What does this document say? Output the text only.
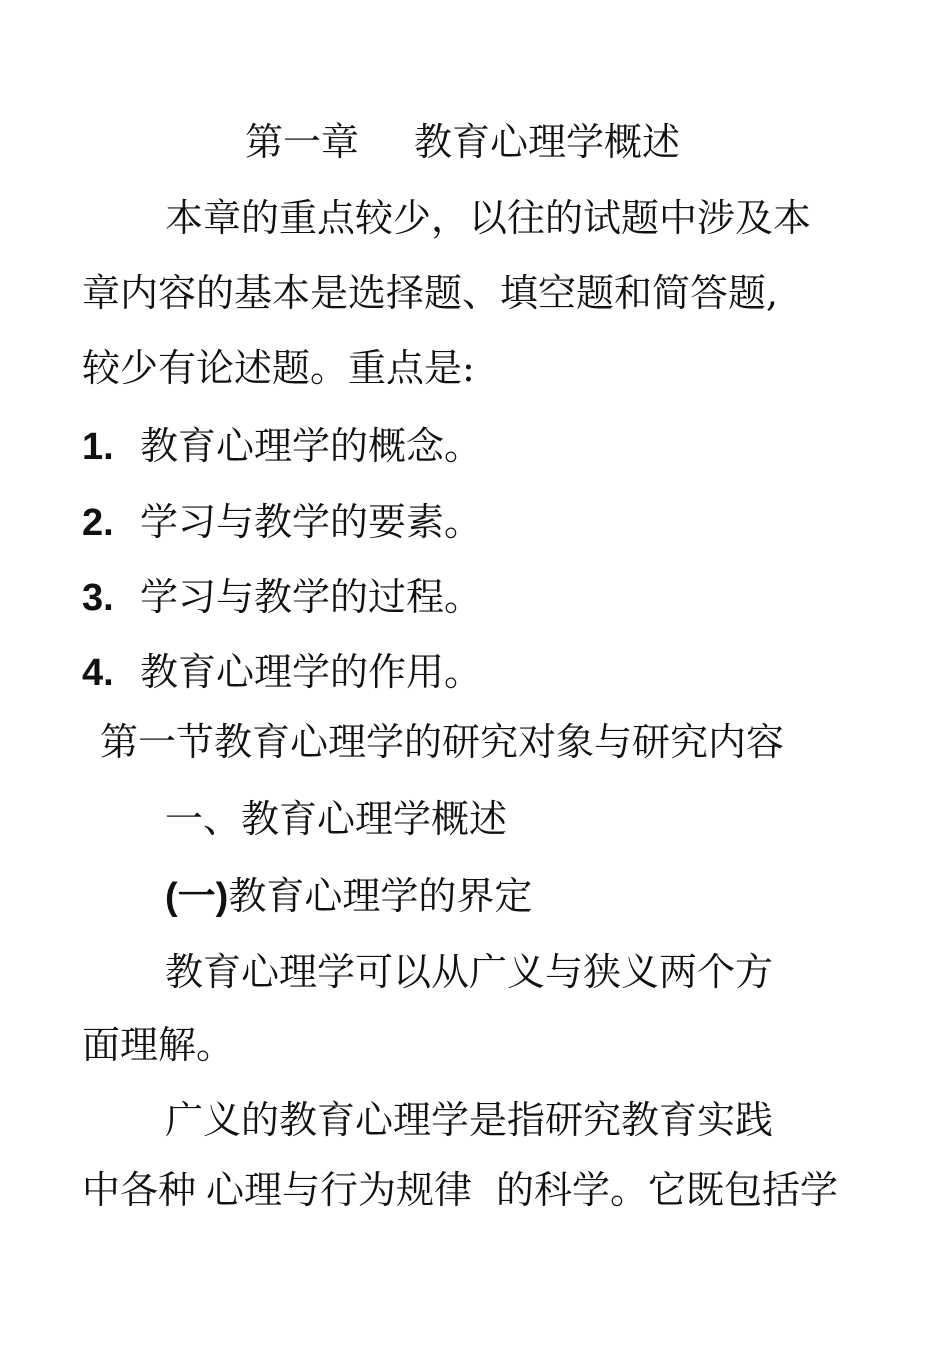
第一章 教育心理学概述
本章的重点较少，以往的试题中涉及本
章内容的基本是选择题、填空题和简答题,
较少有论述题。重点是:
1. 教育心理学的概念。
2. 学习与教学的要素。
3. 学习与教学的过程。
4. 教育心理学的作用。
第一节教育心理学的研究对象与研究内容
一、教育心理学概述
(一)教育心理学的界定
教育心理学可以从广义与狭义两个方
面理解。
广义的教育心理学是指研究教育实践
中各种 心理与行为规律 的科学。它既包括学
